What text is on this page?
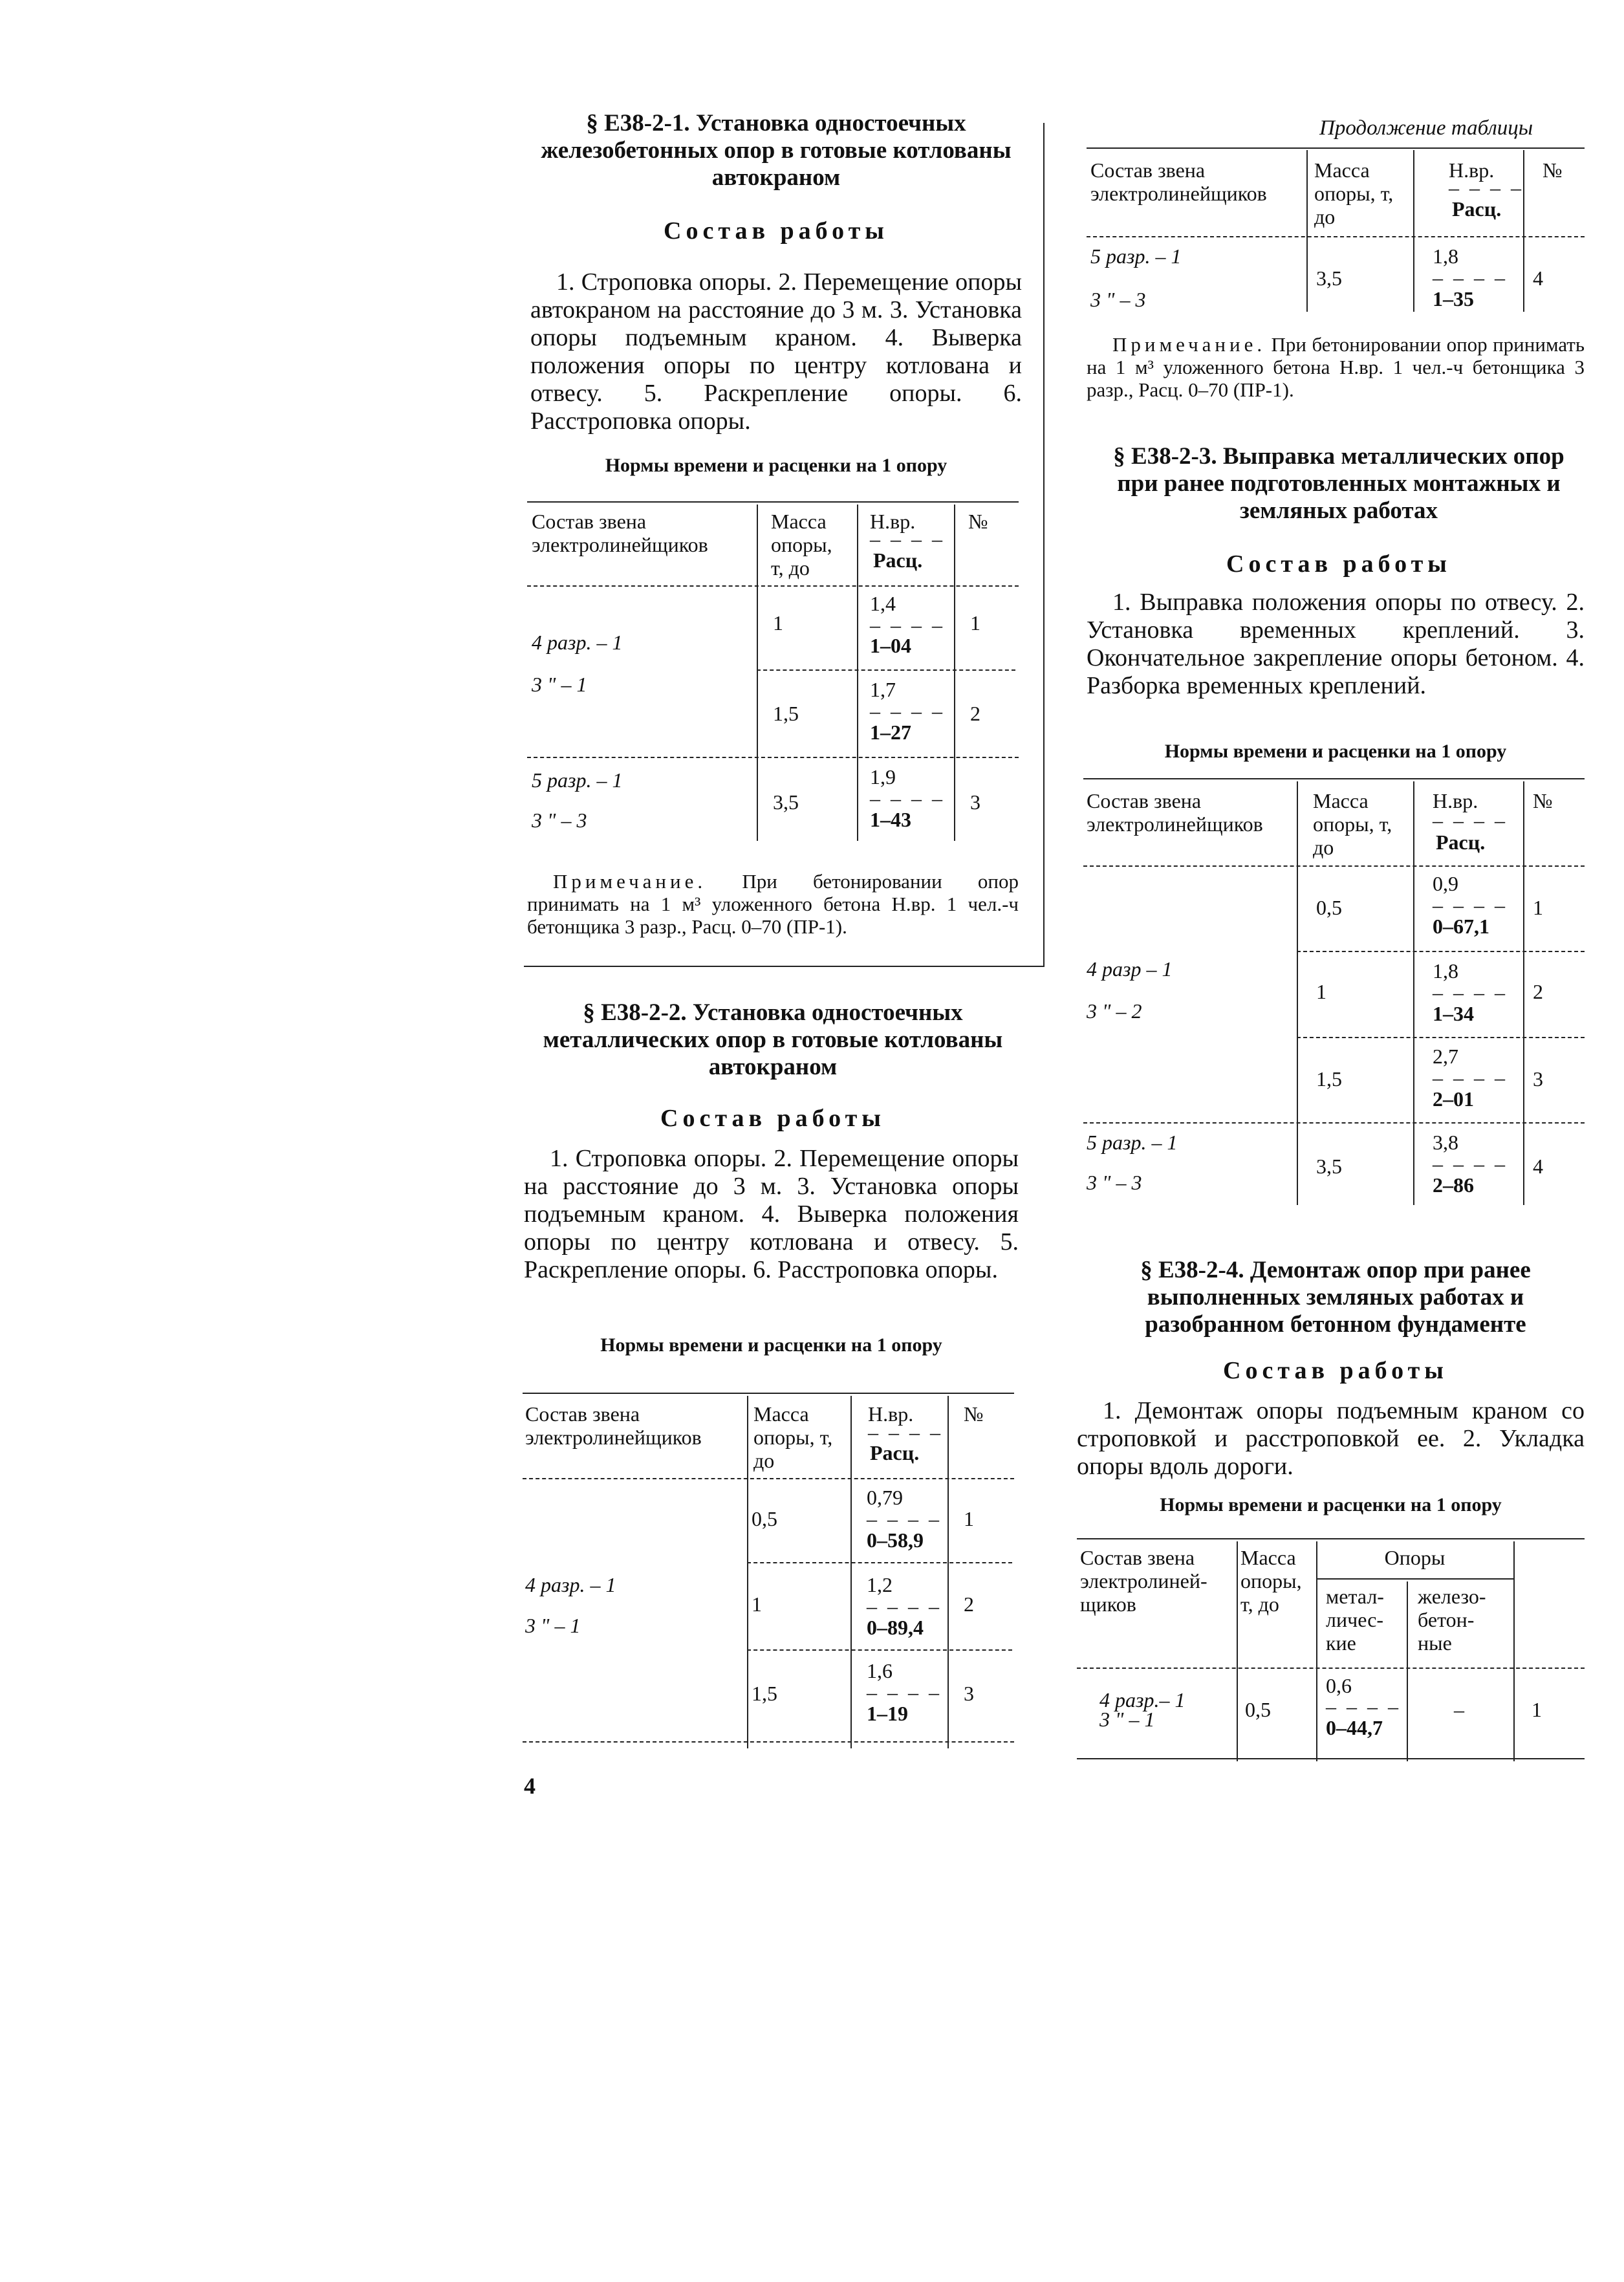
§ Е38-2-1. Установка одностоечных железобетонных опор в готовые котлованы автокраном
Состав работы
1. Строповка опоры. 2. Перемещение опоры автокраном на расстояние до 3 м. 3. Установка опоры подъемным краном. 4. Выверка положения опоры по центру котлована и отвесу. 5. Раскрепление опоры. 6. Расстроповка опоры.
Нормы времени и расценки на 1 опору
Состав звена электролинейщиков
Масса опоры, т, до
Н.вр.
– – – –
Расц.
№
4 разр. – 1
3 " – 1
1
1,4
– – – –
1–04
1
1,5
1,7
– – – –
1–27
2
5 разр. – 1
3 " – 3
3,5
1,9
– – – –
1–43
3
Примечание. При бетонировании опор принимать на 1 м³ уложенного бетона Н.вр. 1 чел.-ч бетонщика 3 разр., Расц. 0–70 (ПР-1).
§ Е38-2-2. Установка одностоечных металлических опор в готовые котлованы автокраном
Состав работы
1. Строповка опоры. 2. Перемещение опоры на расстояние до 3 м. 3. Установка опоры подъемным краном. 4. Выверка положения опоры по центру котлована и отвесу. 5. Раскрепление опоры. 6. Расстроповка опоры.
Нормы времени и расценки на 1 опору
Состав звена электролинейщиков
Масса опоры, т, до
Н.вр.
– – – –
Расц.
№
0,5
0,79
– – – –
0–58,9
1
4 разр. – 1
3 " – 1
1
1,2
– – – –
0–89,4
2
1,5
1,6
– – – –
1–19
3
4
Продолжение таблицы
Состав звена электролинейщиков
Масса опоры, т, до
Н.вр.
– – – –
Расц.
№
5 разр. – 1
3 " – 3
3,5
1,8
– – – –
1–35
4
Примечание. При бетонировании опор принимать на 1 м³ уложенного бетона Н.вр. 1 чел.-ч бетонщика 3 разр., Расц. 0–70 (ПР-1).
§ Е38-2-3. Выправка металлических опор при ранее подготовленных монтажных и земляных работах
Состав работы
1. Выправка положения опоры по отвесу. 2. Установка временных креплений. 3. Окончательное закрепление опоры бетоном. 4. Разборка временных креплений.
Нормы времени и расценки на 1 опору
Состав звена электролинейщиков
Масса опоры, т, до
Н.вр.
– – – –
Расц.
№
0,5
0,9
– – – –
0–67,1
1
4 разр – 1
3 " – 2
1
1,8
– – – –
1–34
2
1,5
2,7
– – – –
2–01
3
5 разр. – 1
3 " – 3
3,5
3,8
– – – –
2–86
4
§ Е38-2-4. Демонтаж опор при ранее выполненных земляных работах и разобранном бетонном фундаменте
Состав работы
1. Демонтаж опоры подъемным краном со строповкой и расстроповкой ее. 2. Укладка опоры вдоль дороги.
Нормы времени и расценки на 1 опору
Состав звена электролиней-щиков
Масса опоры, т, до
Опоры
метал-личес-кие
железо-бетон-ные
4 разр.– 1
3 " – 1	0,5
0,6
– – – –
0–44,7
–	1
